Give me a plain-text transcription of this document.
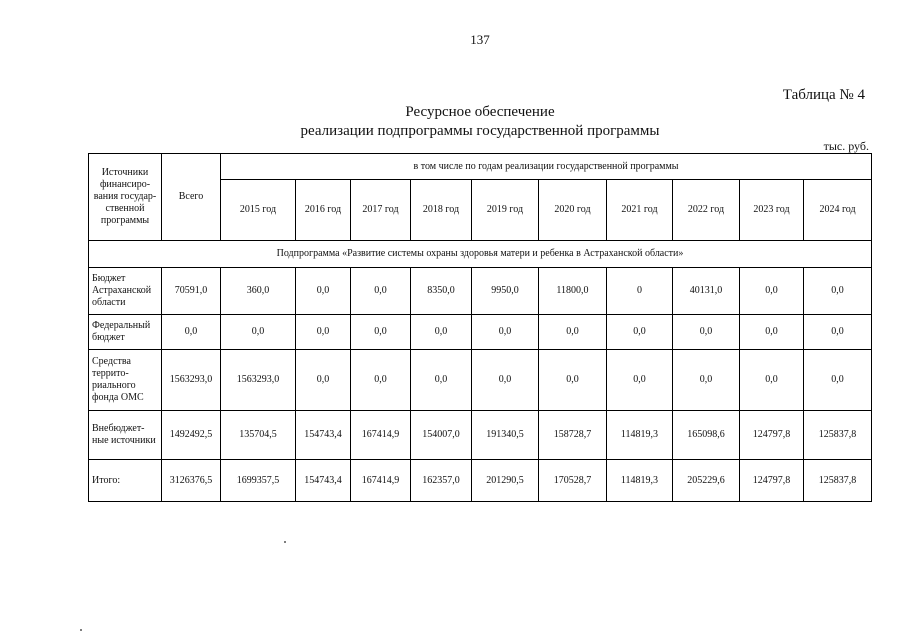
137
Таблица № 4
Ресурсное обеспечение
реализации подпрограммы государственной программы
тыс. руб.
Источники финансиро-вания государ-ственной программы	Всего	в том числе по годам реализации государственной программы									
		2015 год	2016 год	2017 год	2018 год	2019 год	2020 год	2021 год	2022 год	2023 год	2024 год
Подпрограмма «Развитие системы охраны здоровья матери и ребенка в Астраханской области»											
Бюджет Астраханской области	70591,0	360,0	0,0	0,0	8350,0	9950,0	11800,0	0	40131,0	0,0	0,0
Федеральный бюджет	0,0	0,0	0,0	0,0	0,0	0,0	0,0	0,0	0,0	0,0	0,0
Средства террито-риального фонда ОМС	1563293,0	1563293,0	0,0	0,0	0,0	0,0	0,0	0,0	0,0	0,0	0,0
Внебюджет-ные источники	1492492,5	135704,5	154743,4	167414,9	154007,0	191340,5	158728,7	114819,3	165098,6	124797,8	125837,8
Итого:	3126376,5	1699357,5	154743,4	167414,9	162357,0	201290,5	170528,7	114819,3	205229,6	124797,8	125837,8
